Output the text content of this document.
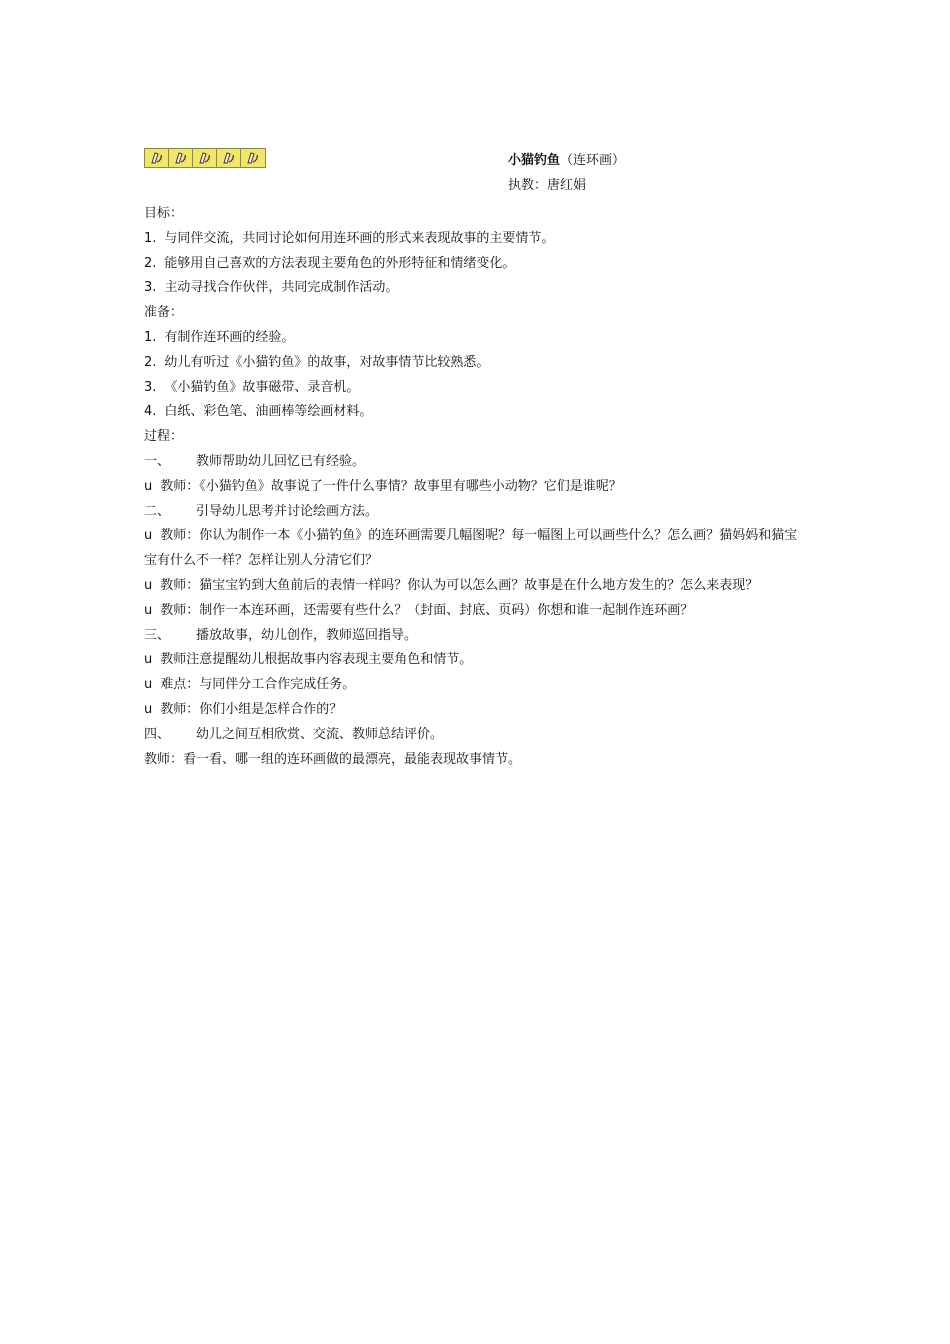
小猫钓鱼（连环画）
执教：唐红娟

目标：

1. 与同伴交流，共同讨论如何用连环画的形式来表现故事的主要情节。

2. 能够用自己喜欢的方法表现主要角色的外形特征和情绪变化。

3. 主动寻找合作伙伴，共同完成制作活动。

准备：

1. 有制作连环画的经验。

2. 幼儿有听过《小猫钓鱼》的故事，对故事情节比较熟悉。

3. 《小猫钓鱼》故事磁带、录音机。

4. 白纸、彩色笔、油画棒等绘画材料。

过程：

一、 教师帮助幼儿回忆已有经验。

u 教师：《小猫钓鱼》故事说了一件什么事情？故事里有哪些小动物？它们是谁呢？

二、 引导幼儿思考并讨论绘画方法。

u 教师：你认为制作一本《小猫钓鱼》的连环画需要几幅图呢？每一幅图上可以画些什么？怎么画？猫妈妈和猫宝宝有什么不一样？怎样让别人分清它们？

u 教师：猫宝宝钓到大鱼前后的表情一样吗？你认为可以怎么画？故事是在什么地方发生的？怎么来表现？

u 教师：制作一本连环画，还需要有些什么？（封面、封底、页码）你想和谁一起制作连环画？

三、 播放故事，幼儿创作，教师巡回指导。

u 教师注意提醒幼儿根据故事内容表现主要角色和情节。

u 难点：与同伴分工合作完成任务。

u 教师：你们小组是怎样合作的？

四、 幼儿之间互相欣赏、交流、教师总结评价。

教师：看一看、哪一组的连环画做的最漂亮，最能表现故事情节。
